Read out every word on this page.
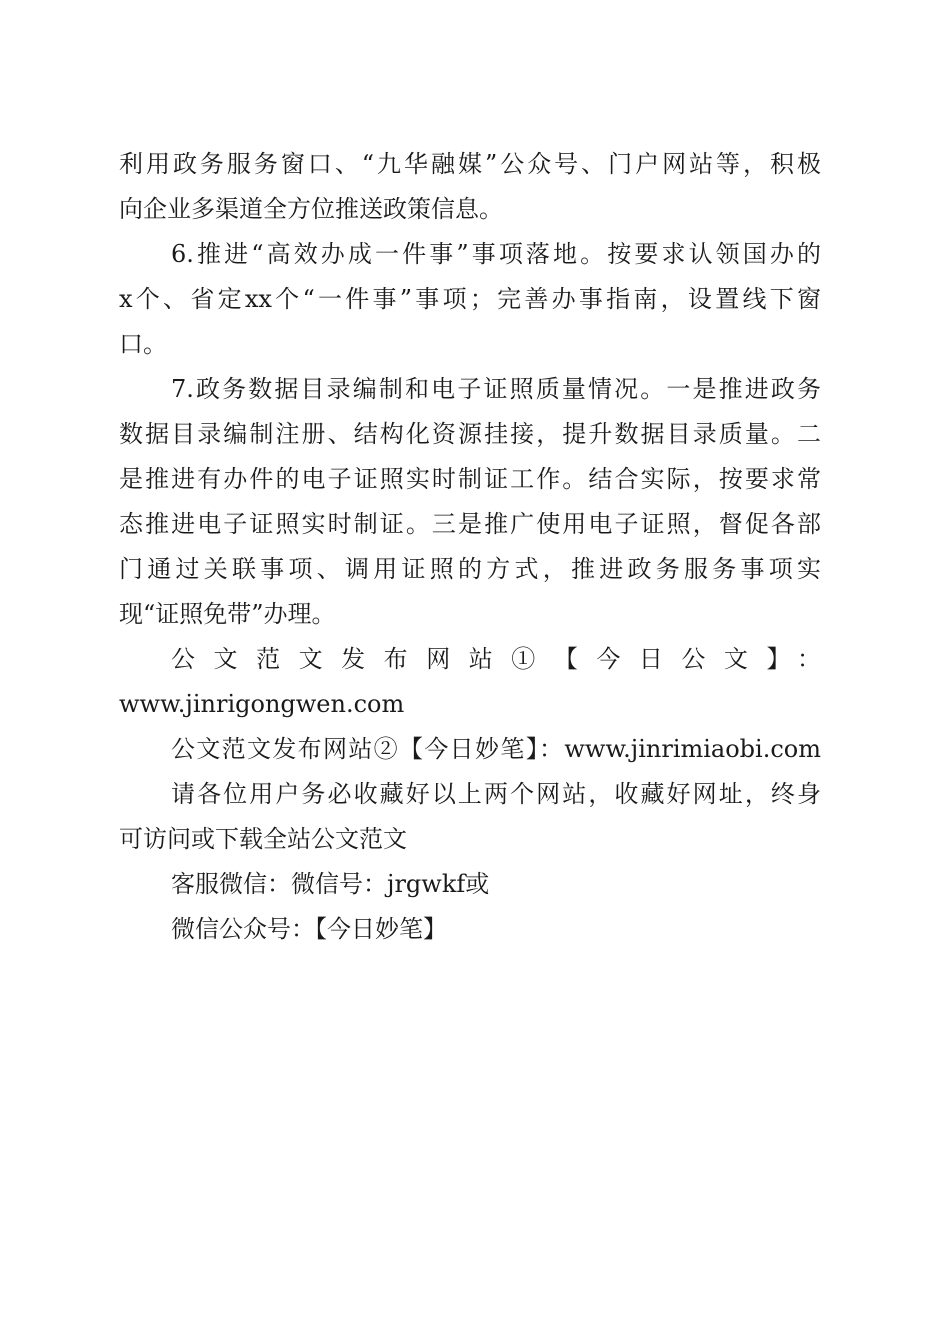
利用政务服务窗口、“九华融媒”公众号、门户网站等，积极
向企业多渠道全方位推送政策信息。
6.推进“高效办成一件事”事项落地。按要求认领国办的
x个、省定xx个“一件事”事项；完善办事指南，设置线下窗
口。
7.政务数据目录编制和电子证照质量情况。一是推进政务
数据目录编制注册、结构化资源挂接，提升数据目录质量。二
是推进有办件的电子证照实时制证工作。结合实际，按要求常
态推进电子证照实时制证。三是推广使用电子证照，督促各部
门通过关联事项、调用证照的方式，推进政务服务事项实
现“证照免带”办理。
公文范文发布网站①【今日公文】：
www.jinrigongwen.com
公文范文发布网站②【今日妙笔】：www.jinrimiaobi.com
请各位用户务必收藏好以上两个网站，收藏好网址，终身
可访问或下载全站公文范文
客服微信：微信号：jrgwkf或
微信公众号：【今日妙笔】
